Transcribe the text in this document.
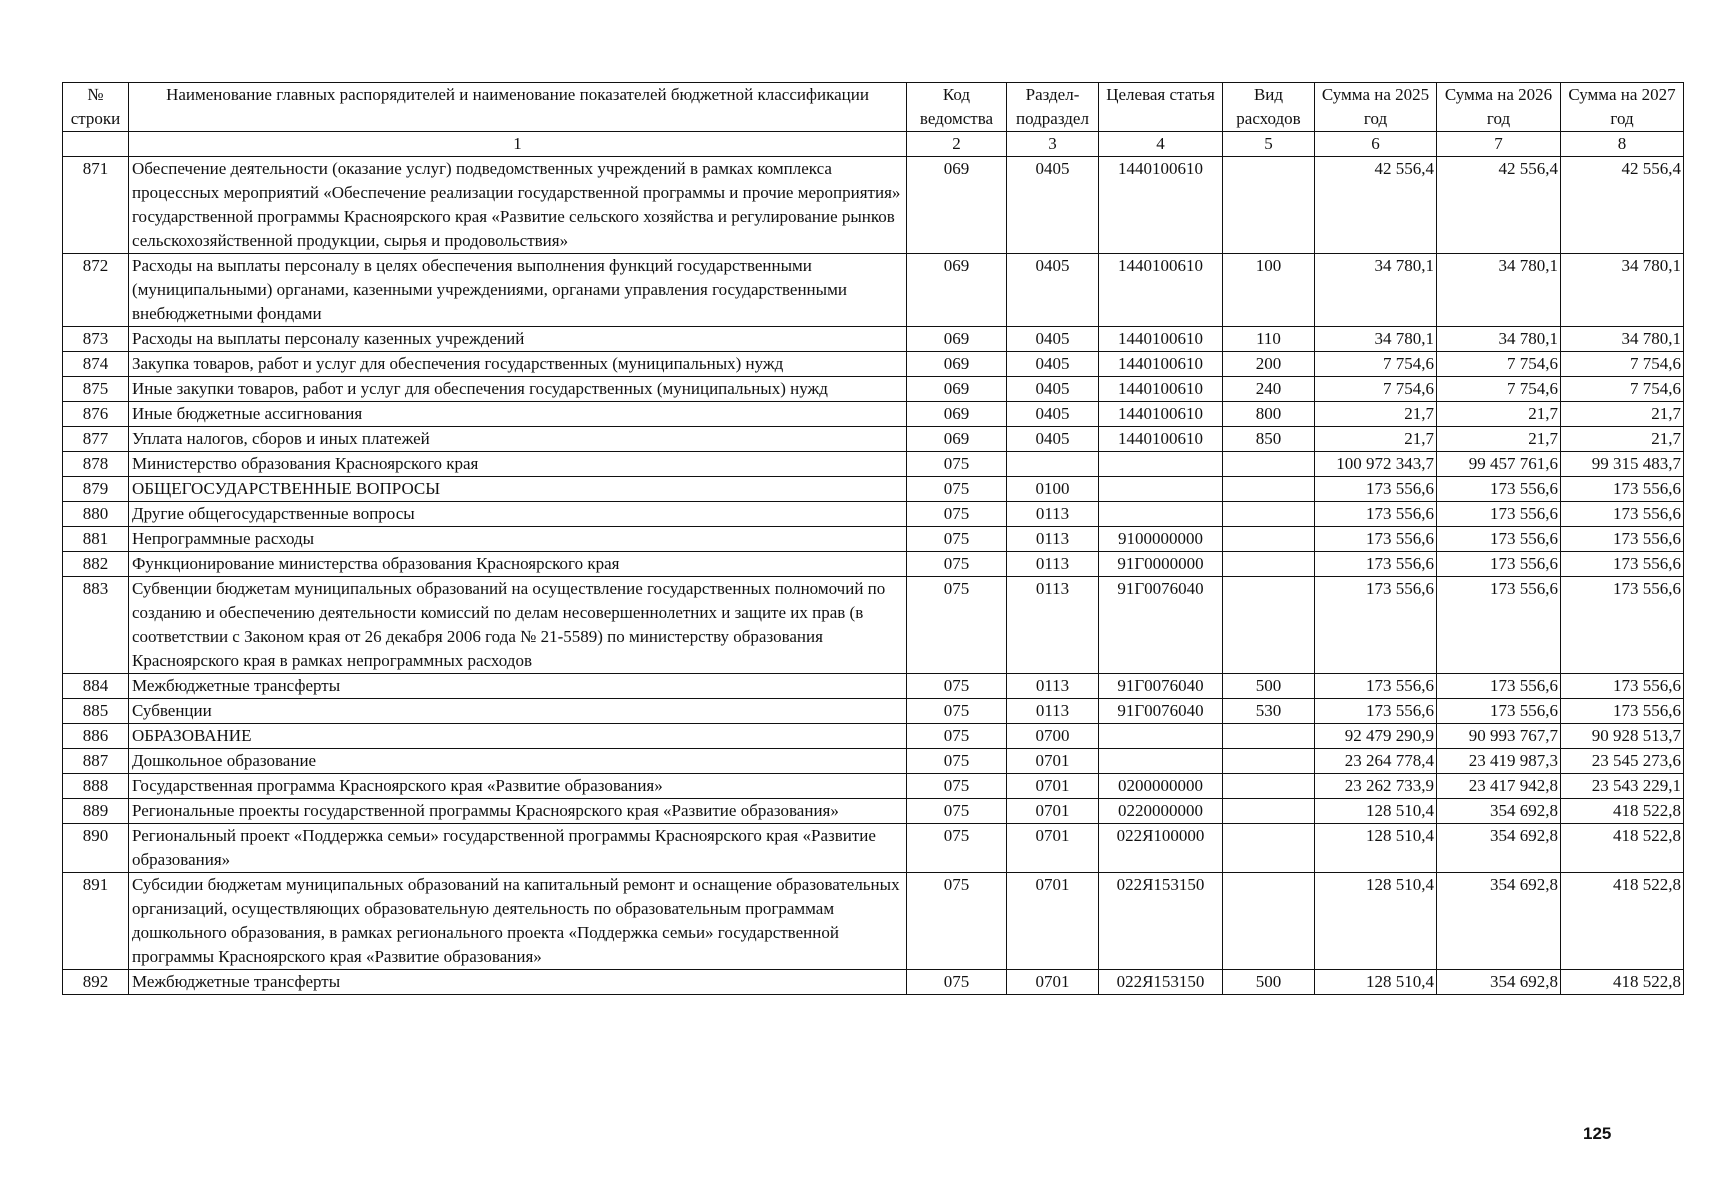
№ строки	Наименование главных распорядителей и наименование показателей бюджетной классификации	Код ведомства	Раздел-подраздел	Целевая статья	Вид расходов	Сумма на 2025 год	Сумма на 2026 год	Сумма на 2027 год
	1	2	3	4	5	6	7	8
871	Обеспечение деятельности (оказание услуг) подведомственных учреждений в рамках комплекса процессных мероприятий «Обеспечение реализации государственной программы и прочие мероприятия» государственной программы Красноярского края «Развитие сельского хозяйства и регулирование рынков сельскохозяйственной продукции, сырья и продовольствия»	069	0405	1440100610		42 556,4	42 556,4	42 556,4
872	Расходы на выплаты персоналу в целях обеспечения выполнения функций государственными (муниципальными) органами, казенными учреждениями, органами управления государственными внебюджетными фондами	069	0405	1440100610	100	34 780,1	34 780,1	34 780,1
873	Расходы на выплаты персоналу казенных учреждений	069	0405	1440100610	110	34 780,1	34 780,1	34 780,1
874	Закупка товаров, работ и услуг для обеспечения государственных (муниципальных) нужд	069	0405	1440100610	200	7 754,6	7 754,6	7 754,6
875	Иные закупки товаров, работ и услуг для обеспечения государственных (муниципальных) нужд	069	0405	1440100610	240	7 754,6	7 754,6	7 754,6
876	Иные бюджетные ассигнования	069	0405	1440100610	800	21,7	21,7	21,7
877	Уплата налогов, сборов и иных платежей	069	0405	1440100610	850	21,7	21,7	21,7
878	Министерство образования Красноярского края	075				100 972 343,7	99 457 761,6	99 315 483,7
879	ОБЩЕГОСУДАРСТВЕННЫЕ ВОПРОСЫ	075	0100			173 556,6	173 556,6	173 556,6
880	Другие общегосударственные вопросы	075	0113			173 556,6	173 556,6	173 556,6
881	Непрограммные расходы	075	0113	9100000000		173 556,6	173 556,6	173 556,6
882	Функционирование министерства образования Красноярского края	075	0113	91Г0000000		173 556,6	173 556,6	173 556,6
883	Субвенции бюджетам муниципальных образований на осуществление государственных полномочий по созданию и обеспечению деятельности комиссий по делам несовершеннолетних и защите их прав (в соответствии с Законом края от 26 декабря 2006 года № 21-5589) по министерству образования Красноярского края в рамках непрограммных расходов	075	0113	91Г0076040		173 556,6	173 556,6	173 556,6
884	Межбюджетные трансферты	075	0113	91Г0076040	500	173 556,6	173 556,6	173 556,6
885	Субвенции	075	0113	91Г0076040	530	173 556,6	173 556,6	173 556,6
886	ОБРАЗОВАНИЕ	075	0700			92 479 290,9	90 993 767,7	90 928 513,7
887	Дошкольное образование	075	0701			23 264 778,4	23 419 987,3	23 545 273,6
888	Государственная программа Красноярского края «Развитие образования»	075	0701	0200000000		23 262 733,9	23 417 942,8	23 543 229,1
889	Региональные проекты государственной программы Красноярского края «Развитие образования»	075	0701	0220000000		128 510,4	354 692,8	418 522,8
890	Региональный проект «Поддержка семьи» государственной программы Красноярского края «Развитие образования»	075	0701	022Я100000		128 510,4	354 692,8	418 522,8
891	Субсидии бюджетам муниципальных образований на капитальный ремонт и оснащение образовательных организаций, осуществляющих образовательную деятельность по образовательным программам дошкольного образования, в рамках регионального проекта «Поддержка семьи» государственной программы Красноярского края «Развитие образования»	075	0701	022Я153150		128 510,4	354 692,8	418 522,8
892	Межбюджетные трансферты	075	0701	022Я153150	500	128 510,4	354 692,8	418 522,8
125
